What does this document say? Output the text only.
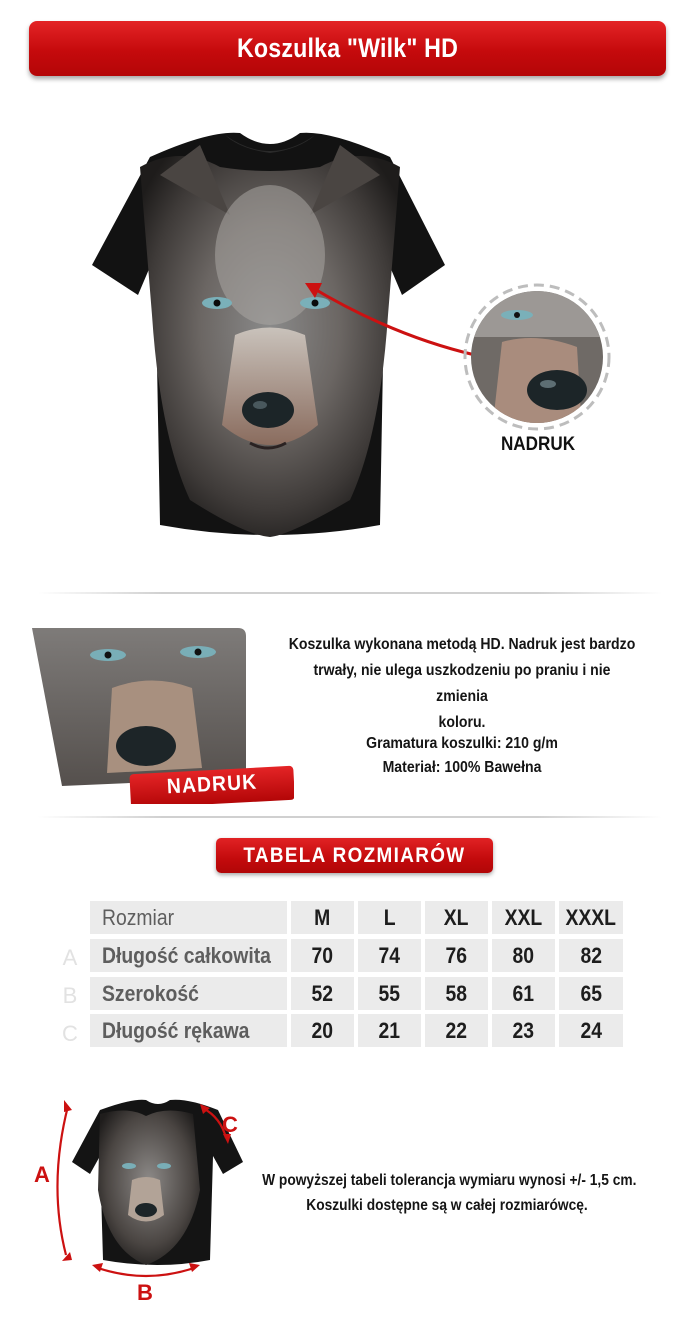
Koszulka "Wilk" HD
NADRUK
NADRUK

Koszulka wykonana metodą HD. Nadruk jest bardzo

trwały, nie ulega uszkodzeniu po praniu i nie zmienia

koloru.

Gramatura koszulki: 210 g/m

Materiał: 100% Bawełna

TABELA ROZMIARÓW
Rozmiar	M L XL XXL XXXL
A Długość całkowita 70 74 76 80 82
B Szerokość	52 55 58 61 65
C Długość rękawa	20 21 22 23 24
A
B
C

W powyższej tabeli tolerancja wymiaru wynosi +/- 1,5 cm.

Koszulki dostępne są w całej rozmiarówcę.
